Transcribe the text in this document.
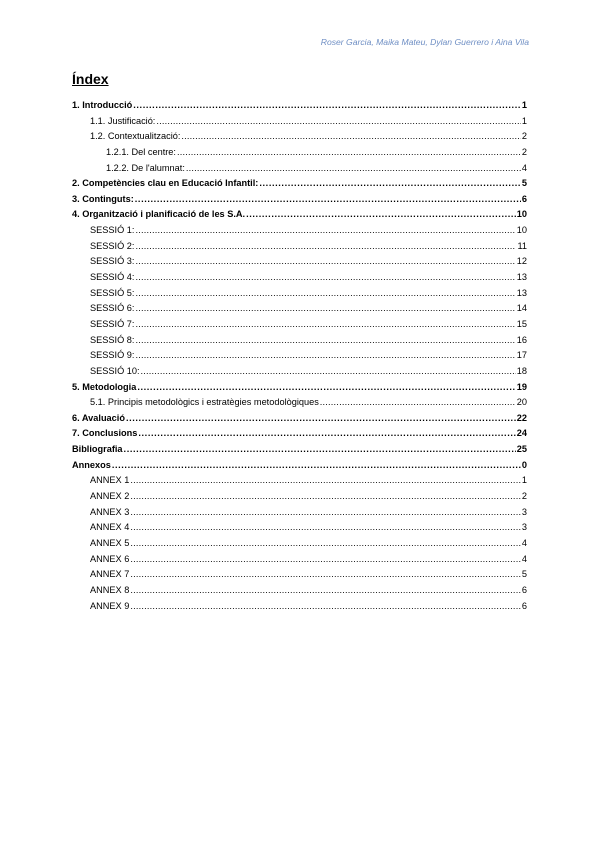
Roser Garcia, Maika Mateu, Dylan Guerrero i Aina Vila
Índex
1. Introducció .....	1
1.1. Justificació: .....	1
1.2. Contextualització: .....	2
1.2.1. Del centre: .....	2
1.2.2. De l'alumnat: .....	4
2. Competències clau en Educació Infantil: .....	5
3. Continguts: .....	6
4. Organització i planificació de les S.A. .....	10
SESSIÓ 1: .....	10
SESSIÓ 2: .....	11
SESSIÓ 3: .....	12
SESSIÓ 4: .....	13
SESSIÓ 5: .....	13
SESSIÓ 6: .....	14
SESSIÓ 7: .....	15
SESSIÓ 8: .....	16
SESSIÓ 9: .....	17
SESSIÓ 10: .....	18
5. Metodologia .....	19
5.1. Principis metodològics i estratègies metodològiques .....	20
6. Avaluació .....	22
7. Conclusions .....	24
Bibliografia .....	25
Annexos .....	0
ANNEX 1 .....	1
ANNEX 2 .....	2
ANNEX 3 .....	3
ANNEX 4 .....	3
ANNEX 5 .....	4
ANNEX 6 .....	4
ANNEX 7 .....	5
ANNEX 8 .....	6
ANNEX 9 .....	6
